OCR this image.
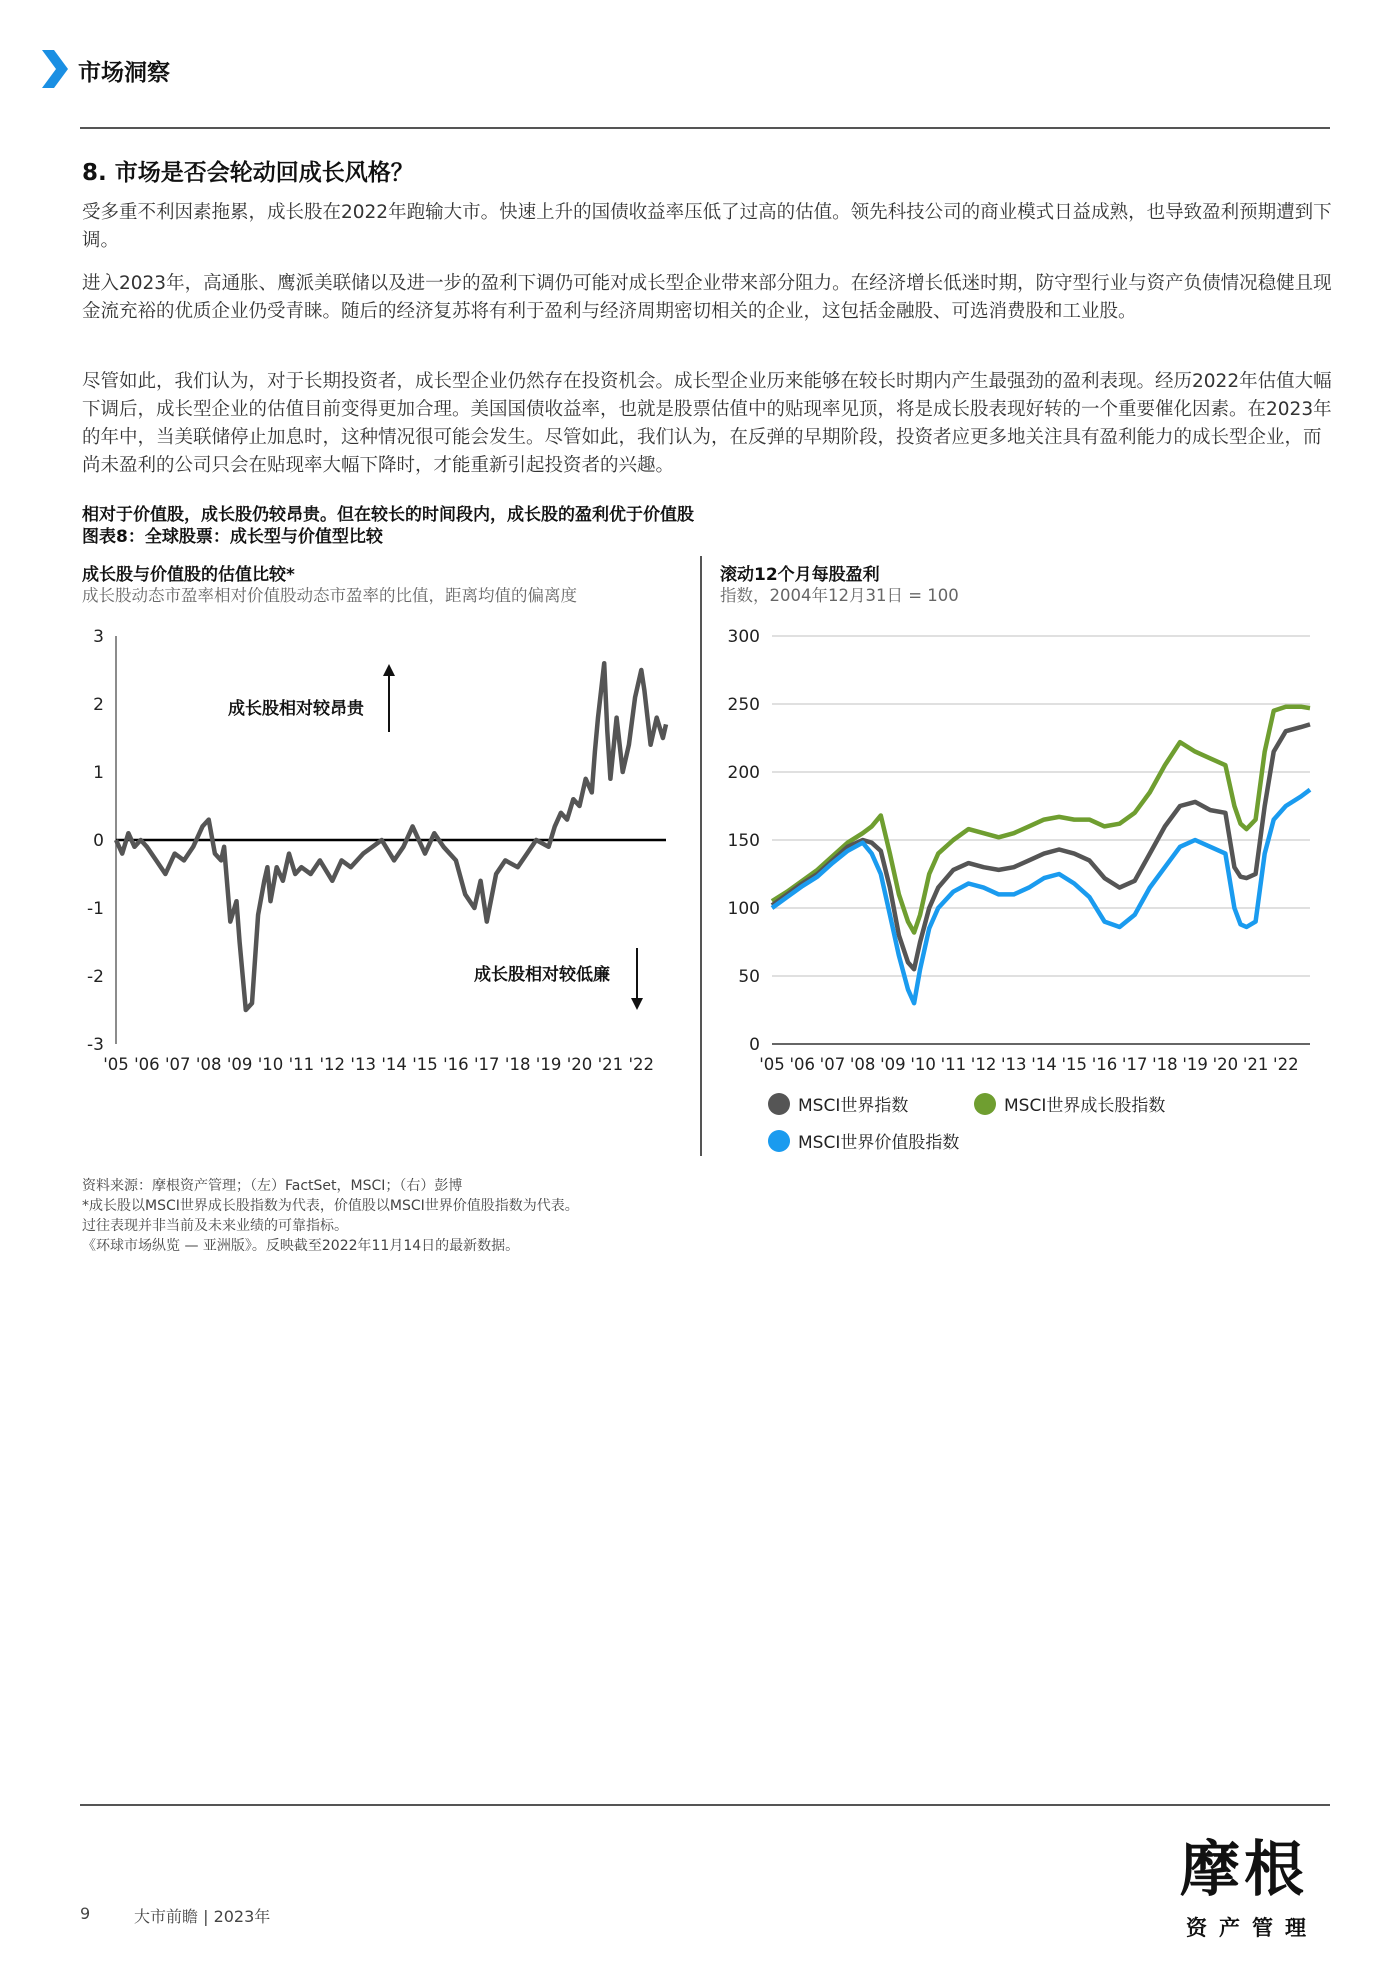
市场洞察
8. 市场是否会轮动回成长风格？

受多重不利因素拖累，成长股在2022年跑输大市。快速上升的国债收益率压低了过高的估值。领先科技公司的商业模式日益成熟，也导致盈利预期遭到下调。

进入2023年，高通胀、鹰派美联储以及进一步的盈利下调仍可能对成长型企业带来部分阻力。在经济增长低迷时期，防守型行业与资产负债情况稳健且现金流充裕的优质企业仍受青睐。随后的经济复苏将有利于盈利与经济周期密切相关的企业，这包括金融股、可选消费股和工业股。

尽管如此，我们认为，对于长期投资者，成长型企业仍然存在投资机会。成长型企业历来能够在较长时期内产生最强劲的盈利表现。经历2022年估值大幅下调后，成长型企业的估值目前变得更加合理。美国国债收益率，也就是股票估值中的贴现率见顶，将是成长股表现好转的一个重要催化因素。在2023年的年中，当美联储停止加息时，这种情况很可能会发生。尽管如此，我们认为，在反弹的早期阶段，投资者应更多地关注具有盈利能力的成长型企业，而尚未盈利的公司只会在贴现率大幅下降时，才能重新引起投资者的兴趣。

相对于价值股，成长股仍较昂贵。但在较长的时间段内，成长股的盈利优于价值股
图表8：全球股票：成长型与价值型比较
成长股与价值股的估值比较*
成长股动态市盈率相对价值股动态市盈率的比值，距离均值的偏离度
滚动12个月每股盈利
指数，2004年12月31日 = 100
3
2
1
0
-1
-2
-3
'05 '06 '07 '08 '09 '10 '11 '12 '13 '14 '15 '16 '17 '18 '19 '20 '21 '22
成长股相对较昂贵
成长股相对较低廉
300
250
200
150
100
50
0
'05 '06 '07 '08 '09 '10 '11 '12 '13 '14 '15 '16 '17 '18 '19 '20 '21 '22
MSCI世界指数	MSCI世界成长股指数
MSCI世界价值股指数
资料来源：摩根资产管理；（左）FactSet，MSCI；（右）彭博
*成长股以MSCI世界成长股指数为代表，价值股以MSCI世界价值股指数为代表。
过往表现并非当前及未来业绩的可靠指标。
《环球市场纵览 — 亚洲版》。反映截至2022年11月14日的最新数据。
9	大市前瞻 | 2023年
摩根
资产管理
